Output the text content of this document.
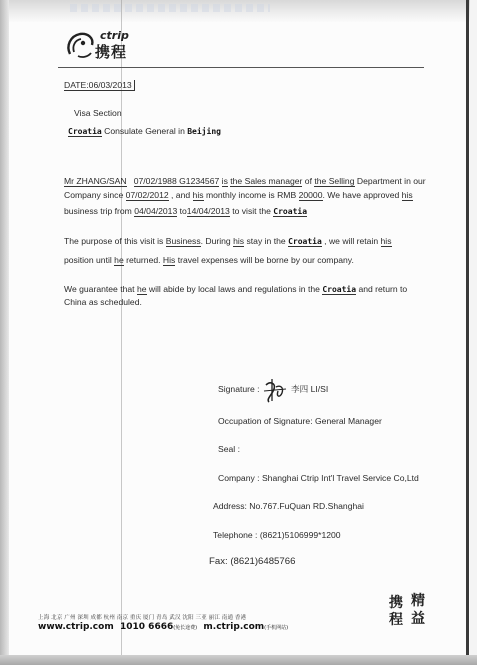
ctrip
携程
DATE:06/03/2013
Visa Section
Croatia Consulate General in Beijing
Mr ZHANG/SAN 07/02/1988 G1234567 is the Sales manager of the Selling Department in our
Company since 07/02/2012 , and his monthly income is RMB 20000. We have approved his
business trip from 04/04/2013 to14/04/2013 to visit the Croatia
The purpose of this visit is Business. During his stay in the Croatia , we will retain his
position until he returned. His travel expenses will be borne by our company.
We guarantee that he will abide by local laws and regulations in the Croatia and return to
China as scheduled.
Signature :	李四 LI/SI
Occupation of Signature: General Manager
Seal :
Company : Shanghai Ctrip Int'l Travel Service Co,Ltd
Address: No.767.FuQuan RD.Shanghai
Telephone : (8621)5106999*1200
Fax: (8621)6485766
上海 北京 广州 深圳 成都 杭州 南京 重庆 厦门 青岛 武汉 沈阳 三亚 丽江 南通 香港
www.ctrip.com 1010 6666(免长途费) m.ctrip.com(手机网站)
携 精
程 益
